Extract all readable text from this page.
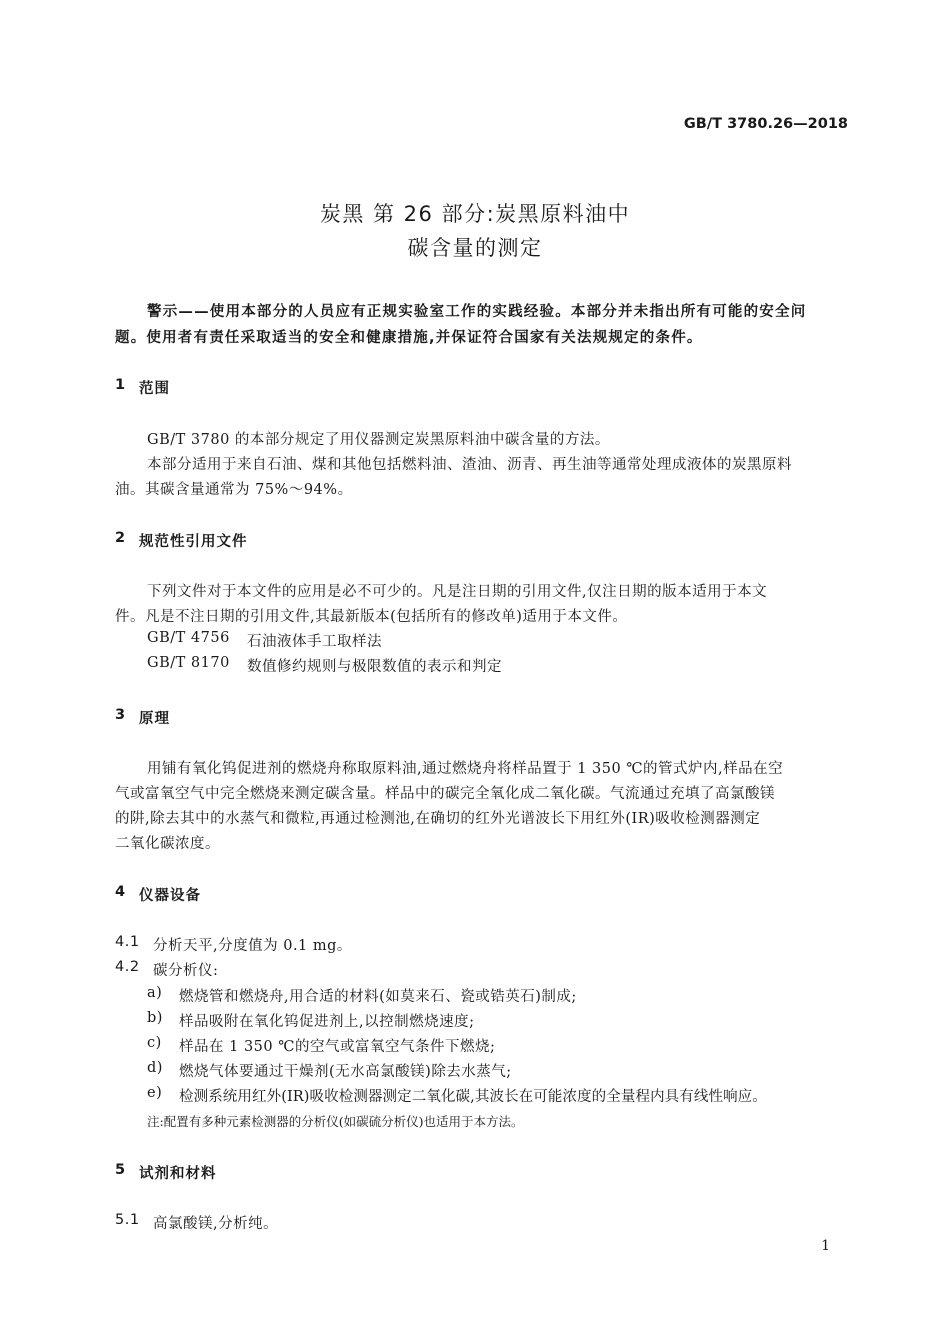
GB/T 3780.26—2018
炭黑 第 26 部分:炭黑原料油中
碳含量的测定
警示——使用本部分的人员应有正规实验室工作的实践经验。本部分并未指出所有可能的安全问
题。使用者有责任采取适当的安全和健康措施,并保证符合国家有关法规规定的条件。
1 范围
GB/T 3780 的本部分规定了用仪器测定炭黑原料油中碳含量的方法。
本部分适用于来自石油、煤和其他包括燃料油、渣油、沥青、再生油等通常处理成液体的炭黑原料
油。其碳含量通常为 75%～94%。
2 规范性引用文件
下列文件对于本文件的应用是必不可少的。凡是注日期的引用文件,仅注日期的版本适用于本文
件。凡是不注日期的引用文件,其最新版本(包括所有的修改单)适用于本文件。
GB/T 4756 石油液体手工取样法
GB/T 8170 数值修约规则与极限数值的表示和判定
3 原理
用铺有氧化钨促进剂的燃烧舟称取原料油,通过燃烧舟将样品置于 1 350 ℃的管式炉内,样品在空
气或富氧空气中完全燃烧来测定碳含量。样品中的碳完全氧化成二氧化碳。气流通过充填了高氯酸镁
的阱,除去其中的水蒸气和微粒,再通过检测池,在确切的红外光谱波长下用红外(IR)吸收检测器测定
二氧化碳浓度。
4 仪器设备
4.1 分析天平,分度值为 0.1 mg。
4.2 碳分析仪:
a) 燃烧管和燃烧舟,用合适的材料(如莫来石、瓷或锆英石)制成;
b) 样品吸附在氧化钨促进剂上,以控制燃烧速度;
c) 样品在 1 350 ℃的空气或富氧空气条件下燃烧;
d) 燃烧气体要通过干燥剂(无水高氯酸镁)除去水蒸气;
e) 检测系统用红外(IR)吸收检测器测定二氧化碳,其波长在可能浓度的全量程内具有线性响应。
注:配置有多种元素检测器的分析仪(如碳硫分析仪)也适用于本方法。
5 试剂和材料
5.1 高氯酸镁,分析纯。
1
